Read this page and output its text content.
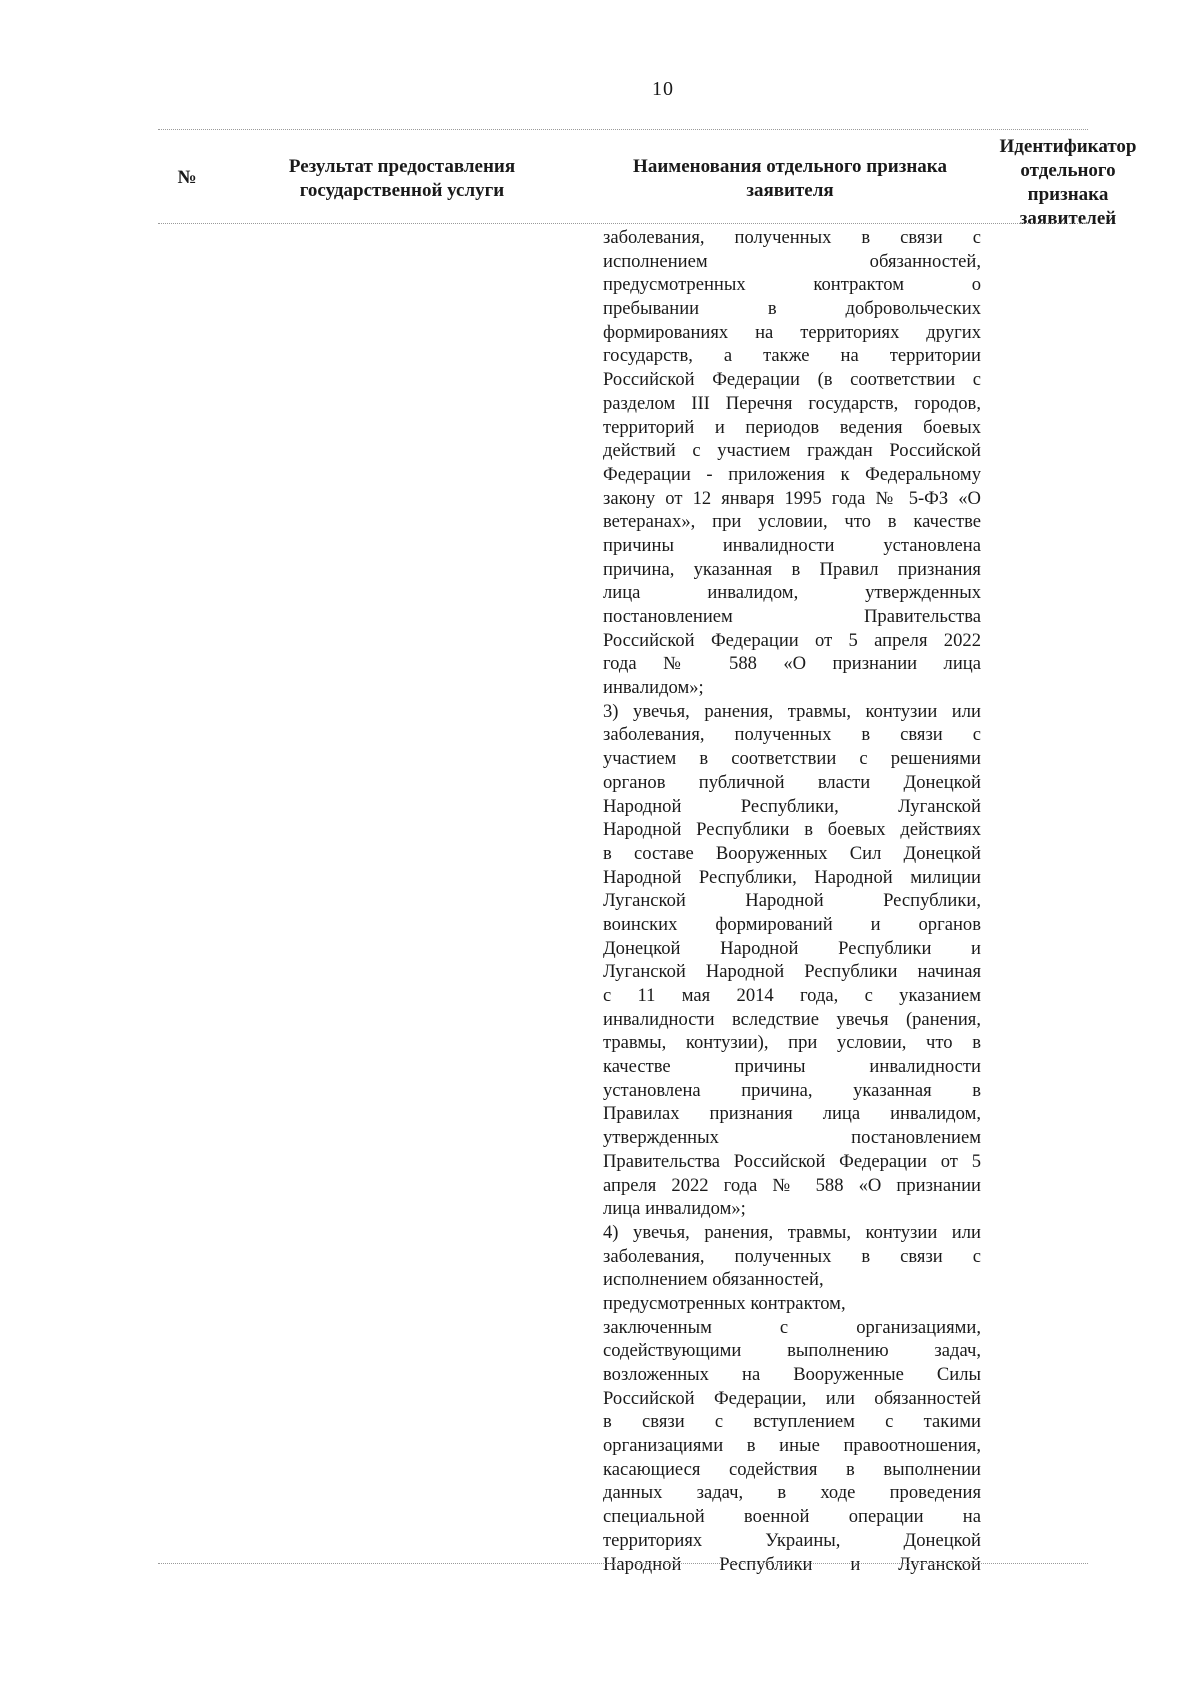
10
№
Результат предоставления государственной услуги
Наименования отдельного признака заявителя
Идентификатор отдельного признака заявителей
заболевания, полученных в связи с
исполнением обязанностей,
предусмотренных контрактом о
пребывании в добровольческих
формированиях на территориях других
государств, а также на территории
Российской Федерации (в соответствии с
разделом III Перечня государств, городов,
территорий и периодов ведения боевых
действий с участием граждан Российской
Федерации - приложения к Федеральному
закону от 12 января 1995 года № 5-ФЗ «О
ветеранах», при условии, что в качестве
причины инвалидности установлена
причина, указанная в Правил признания
лица инвалидом, утвержденных
постановлением Правительства
Российской Федерации от 5 апреля 2022
года № 588 «О признании лица
инвалидом»;
3) увечья, ранения, травмы, контузии или
заболевания, полученных в связи с
участием в соответствии с решениями
органов публичной власти Донецкой
Народной Республики, Луганской
Народной Республики в боевых действиях
в составе Вооруженных Сил Донецкой
Народной Республики, Народной милиции
Луганской Народной Республики,
воинских формирований и органов
Донецкой Народной Республики и
Луганской Народной Республики начиная
с 11 мая 2014 года, с указанием
инвалидности вследствие увечья (ранения,
травмы, контузии), при условии, что в
качестве причины инвалидности
установлена причина, указанная в
Правилах признания лица инвалидом,
утвержденных постановлением
Правительства Российской Федерации от 5
апреля 2022 года № 588 «О признании
лица инвалидом»;
4) увечья, ранения, травмы, контузии или
заболевания, полученных в связи с
исполнением обязанностей,
предусмотренных контрактом,
заключенным с организациями,
содействующими выполнению задач,
возложенных на Вооруженные Силы
Российской Федерации, или обязанностей
в связи с вступлением с такими
организациями в иные правоотношения,
касающиеся содействия в выполнении
данных задач, в ходе проведения
специальной военной операции на
территориях Украины, Донецкой
Народной Республики и Луганской
